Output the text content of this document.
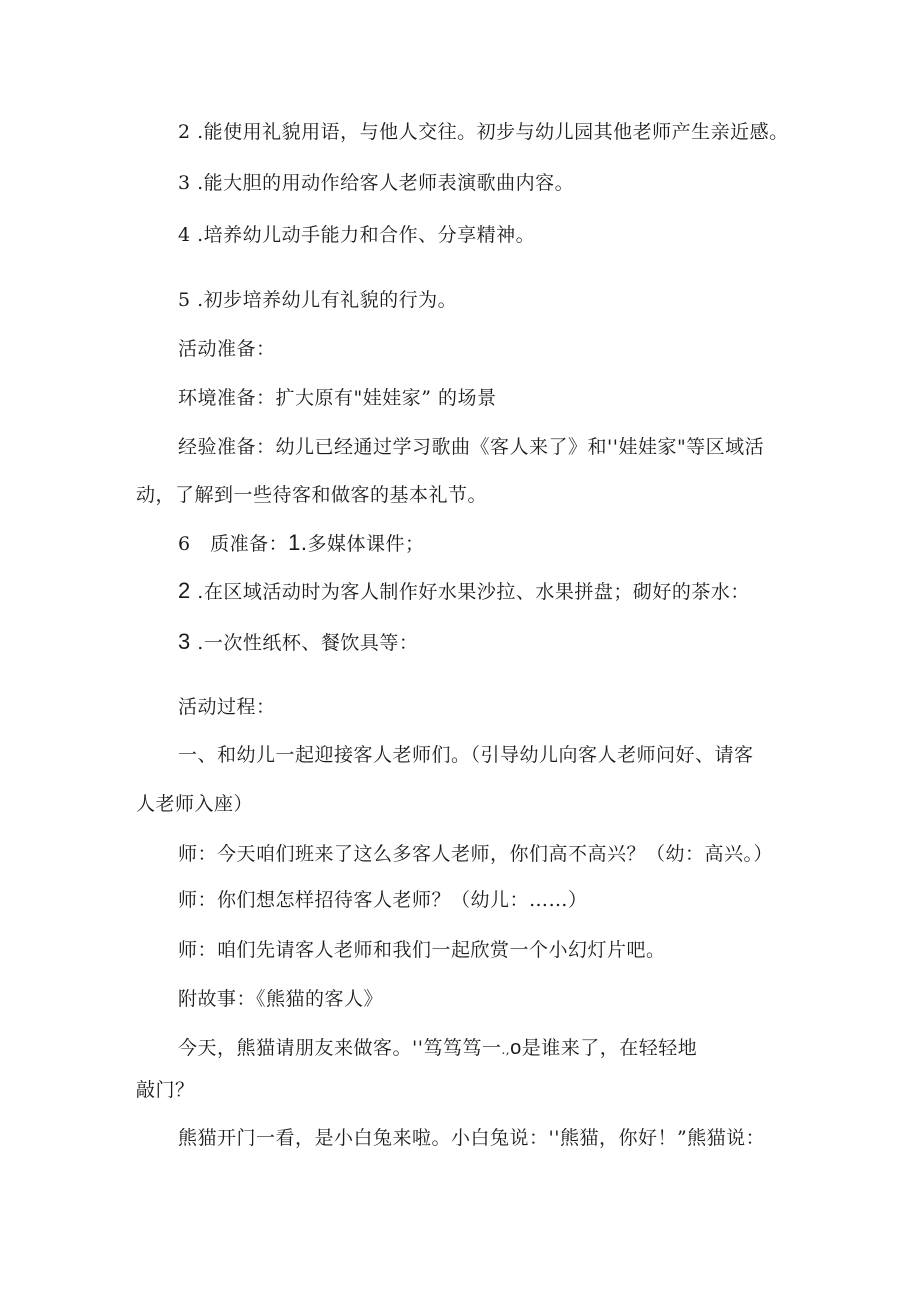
2 .能使用礼貌用语，与他人交往。初步与幼儿园其他老师产生亲近感。
3 .能大胆的用动作给客人老师表演歌曲内容。
4 .培养幼儿动手能力和合作、分享精神。
5 .初步培养幼儿有礼貌的行为。
活动准备：
环境准备：扩大原有"娃娃家” 的场景
经验准备：幼儿已经通过学习歌曲《客人来了》和''娃娃家"等区域活
动，了解到一些待客和做客的基本礼节。
6　质准备：1.多媒体课件；
2 .在区域活动时为客人制作好水果沙拉、水果拼盘；砌好的茶水：
3 .一次性纸杯、餐饮具等：
活动过程：
一、和幼儿一起迎接客人老师们。（引导幼儿向客人老师问好、请客
人老师入座）
师：今天咱们班来了这么多客人老师，你们高不高兴？（幼：高兴。）
师：你们想怎样招待客人老师？（幼儿：……）
师：咱们先请客人老师和我们一起欣赏一个小幻灯片吧。
附故事：《熊猫的客人》
今天，熊猫请朋友来做客。''笃笃笃一.,o是谁来了，在轻轻地
敲门？
熊猫开门一看，是小白兔来啦。小白兔说：''熊猫，你好！”熊猫说：
